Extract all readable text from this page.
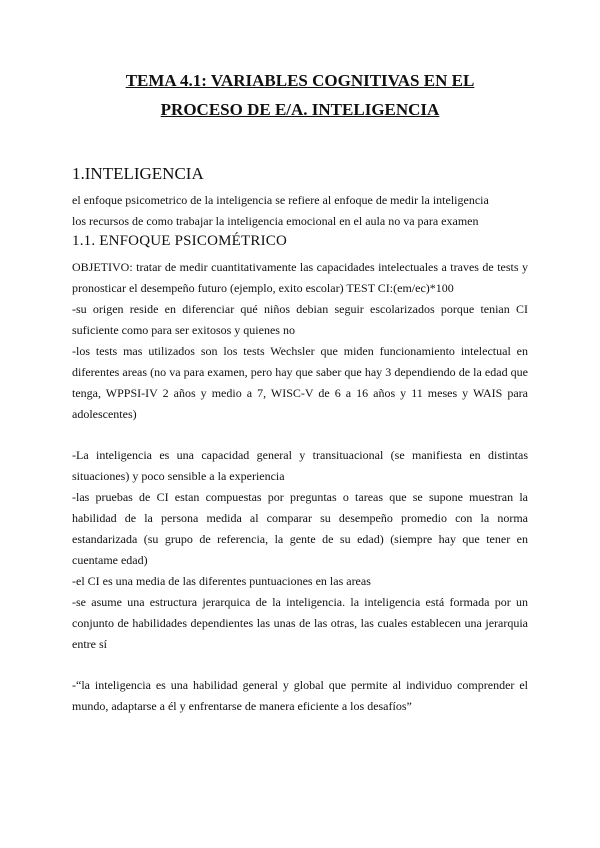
TEMA 4.1: VARIABLES COGNITIVAS EN EL
PROCESO DE E/A. INTELIGENCIA
1.INTELIGENCIA

el enfoque psicometrico de la inteligencia se refiere al enfoque de medir la inteligencia

los recursos de como trabajar la inteligencia emocional en el aula no va para examen

1.1. ENFOQUE PSICOMÉTRICO

OBJETIVO: tratar de medir cuantitativamente las capacidades intelectuales a traves de tests y pronosticar el desempeño futuro (ejemplo, exito escolar) TEST CI:(em/ec)*100

-su origen reside en diferenciar qué niños debian seguir escolarizados porque tenian CI suficiente como para ser exitosos y quienes no

-los tests mas utilizados son los tests Wechsler que miden funcionamiento intelectual en diferentes areas (no va para examen, pero hay que saber que hay 3 dependiendo de la edad que tenga, WPPSI-IV 2 años y medio a 7, WISC-V de 6 a 16 años y 11 meses y WAIS para adolescentes)

-La inteligencia es una capacidad general y transituacional (se manifiesta en distintas situaciones) y poco sensible a la experiencia

-las pruebas de CI estan compuestas por preguntas o tareas que se supone muestran la habilidad de la persona medida al comparar su desempeño promedio con la norma estandarizada (su grupo de referencia, la gente de su edad) (siempre hay que tener en cuentame edad)

-el CI es una media de las diferentes puntuaciones en las areas

-se asume una estructura jerarquica de la inteligencia. la inteligencia está formada por un conjunto de habilidades dependientes las unas de las otras, las cuales establecen una jerarquia entre sí

-“la inteligencia es una habilidad general y global que permite al individuo comprender el mundo, adaptarse a él y enfrentarse de manera eficiente a los desafíos”
